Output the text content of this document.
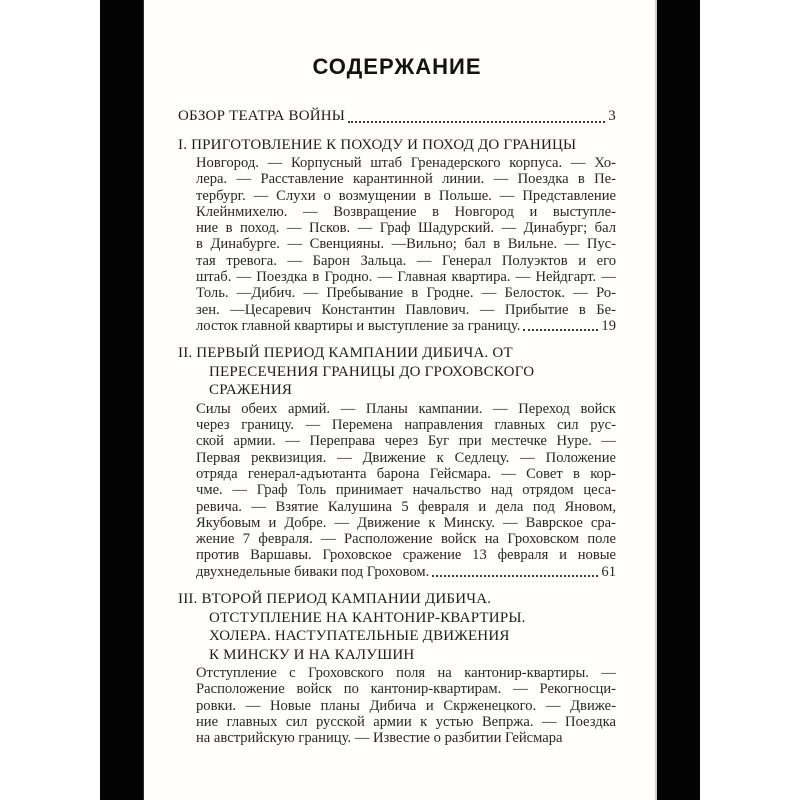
СОДЕРЖАНИЕ
ОБЗОР ТЕАТРА ВОЙНЫ	3
I. ПРИГОТОВЛЕНИЕ К ПОХОДУ И ПОХОД ДО ГРАНИЦЫ
Новгород. — Корпусный штаб Гренадерского корпуса. — Хо-
лера. — Расставление карантинной линии. — Поездка в Пе-
тербург. — Слухи о возмущении в Польше. — Представление
Клейнмихелю. — Возвращение в Новгород и выступле-
ние в поход. — Псков. — Граф Шадурский. — Динабург; бал
в Динабурге. — Свенцияны. —Вильно; бал в Вильне. — Пус-
тая тревога. — Барон Зальца. — Генерал Полуэктов и его
штаб. — Поездка в Гродно. — Главная квартира. — Нейдгарт. —
Толь. —Дибич. — Пребывание в Гродне. — Белосток. — Ро-
зен. —Цесаревич Константин Павлович. — Прибытие в Бе-
лосток главной квартиры и выступление за границу.	19
II. ПЕРВЫЙ ПЕРИОД КАМПАНИИ ДИБИЧА. ОТ
ПЕРЕСЕЧЕНИЯ ГРАНИЦЫ ДО ГРОХОВСКОГО
СРАЖЕНИЯ
Силы обеих армий. — Планы кампании. — Переход войск
через границу. — Перемена направления главных сил рус-
ской армии. — Переправа через Буг при местечке Нуре. —
Первая реквизиция. — Движение к Седлецу. — Положение
отряда генерал-адъютанта барона Гейсмара. — Совет в кор-
чме. — Граф Толь принимает начальство над отрядом цеса-
ревича. — Взятие Калушина 5 февраля и дела под Яновом,
Якубовым и Добре. — Движение к Минску. — Ваврское сра-
жение 7 февраля. — Расположение войск на Гроховском поле
против Варшавы. Гроховское сражение 13 февраля и новые
двухнедельные биваки под Гроховом.	61
III. ВТОРОЙ ПЕРИОД КАМПАНИИ ДИБИЧА.
ОТСТУПЛЕНИЕ НА КАНТОНИР-КВАРТИРЫ.
ХОЛЕРА. НАСТУПАТЕЛЬНЫЕ ДВИЖЕНИЯ
К МИНСКУ И НА КАЛУШИН
Отступление с Гроховского поля на кантонир-квартиры. —
Расположение войск по кантонир-квартирам. — Рекогносци-
ровки. — Новые планы Дибича и Скрженецкого. — Движе-
ние главных сил русской армии к устью Вепржа. — Поездка
на австрийскую границу. — Известие о разбитии Гейсмара
